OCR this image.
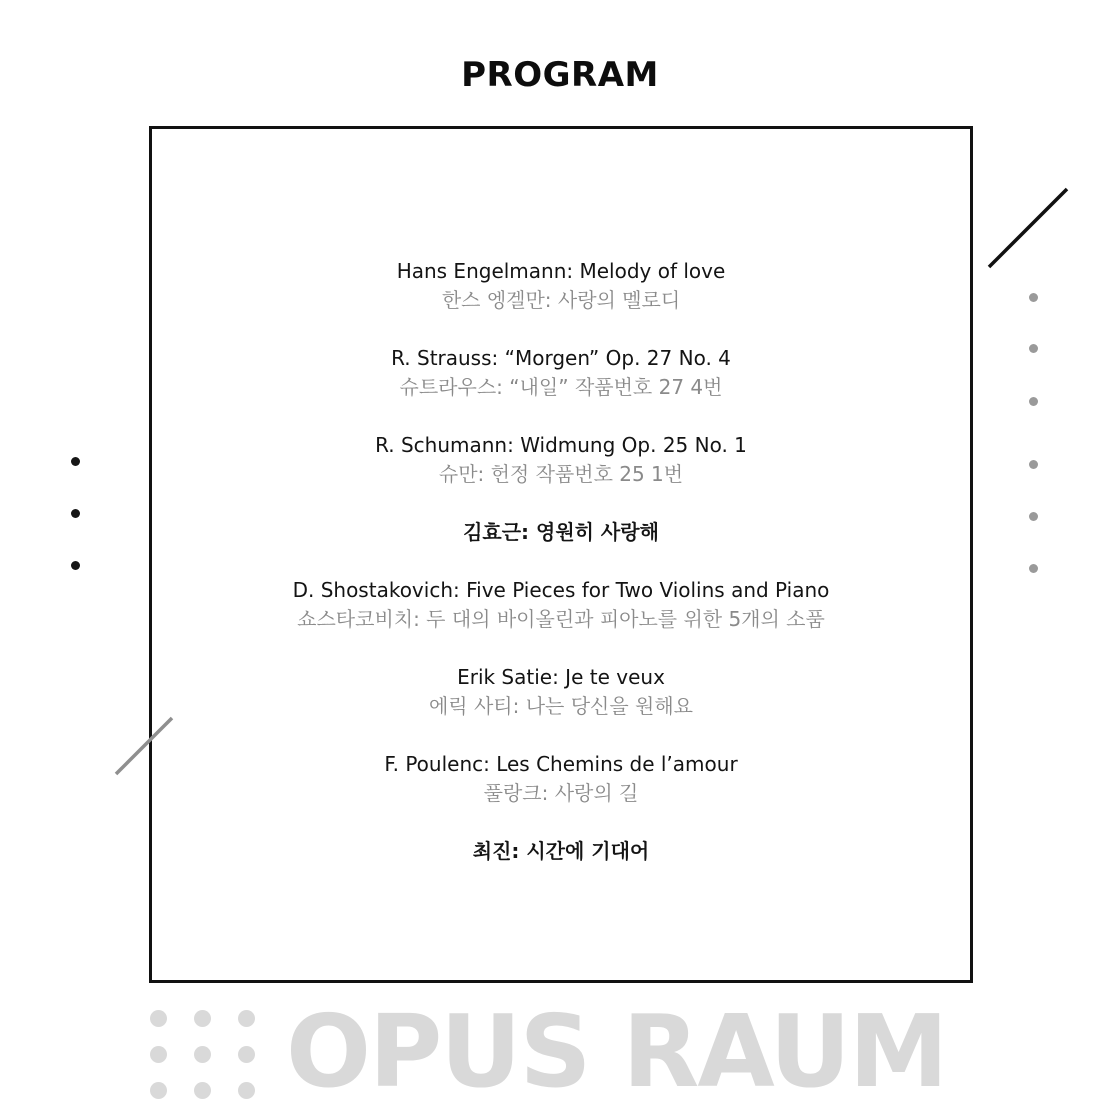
PROGRAM
Hans Engelmann: Melody of love
한스 엥겔만: 사랑의 멜로디
R. Strauss: “Morgen” Op. 27 No. 4
슈트라우스: “내일” 작품번호 27 4번
R. Schumann: Widmung Op. 25 No. 1
슈만: 헌정 작품번호 25 1번
김효근: 영원히 사랑해
D. Shostakovich: Five Pieces for Two Violins and Piano
쇼스타코비치: 두 대의 바이올린과 피아노를 위한 5개의 소품
Erik Satie: Je te veux
에릭 사티: 나는 당신을 원해요
F. Poulenc: Les Chemins de l’amour
풀랑크: 사랑의 길
최진: 시간에 기대어
OPUS RAUM
